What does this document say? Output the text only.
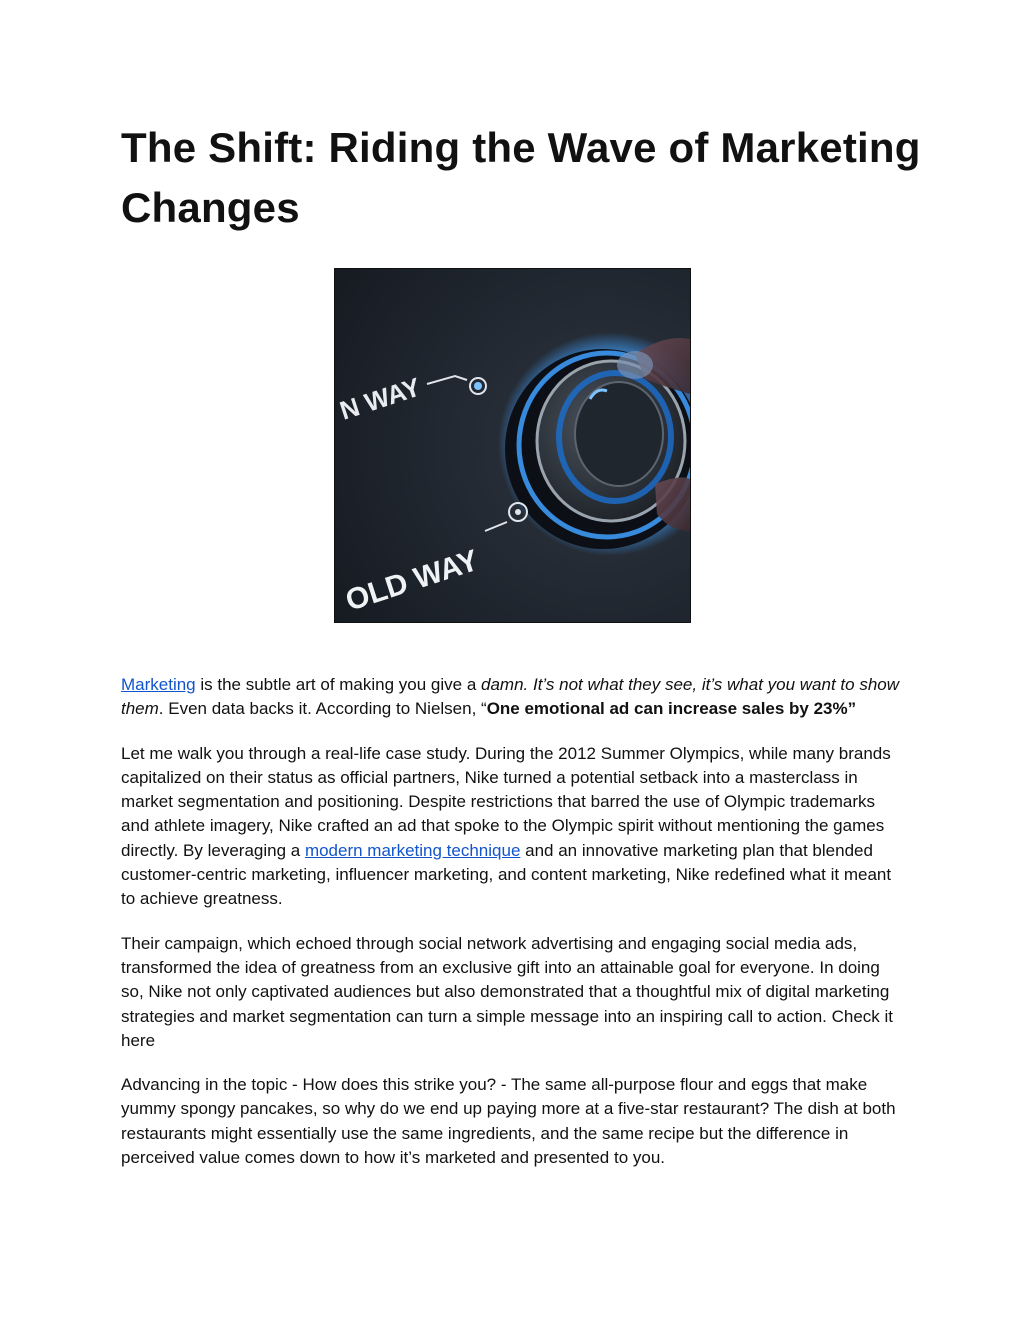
The Shift: Riding the Wave of Marketing Changes
N WAY
OLD WAY

Marketing is the subtle art of making you give a damn. It’s not what they see, it’s what you want to show them. Even data backs it. According to Nielsen, “One emotional ad can increase sales by 23%”

Let me walk you through a real-life case study. During the 2012 Summer Olympics, while many brands capitalized on their status as official partners, Nike turned a potential setback into a masterclass in market segmentation and positioning. Despite restrictions that barred the use of Olympic trademarks and athlete imagery, Nike crafted an ad that spoke to the Olympic spirit without mentioning the games directly. By leveraging a modern marketing technique and an innovative marketing plan that blended customer-centric marketing, influencer marketing, and content marketing, Nike redefined what it meant to achieve greatness.

Their campaign, which echoed through social network advertising and engaging social media ads, transformed the idea of greatness from an exclusive gift into an attainable goal for everyone. In doing so, Nike not only captivated audiences but also demonstrated that a thoughtful mix of digital marketing strategies and market segmentation can turn a simple message into an inspiring call to action. Check it here

Advancing in the topic - How does this strike you? - The same all-purpose flour and eggs that make yummy spongy pancakes, so why do we end up paying more at a five-star restaurant? The dish at both restaurants might essentially use the same ingredients, and the same recipe but the difference in perceived value comes down to how it’s marketed and presented to you.
